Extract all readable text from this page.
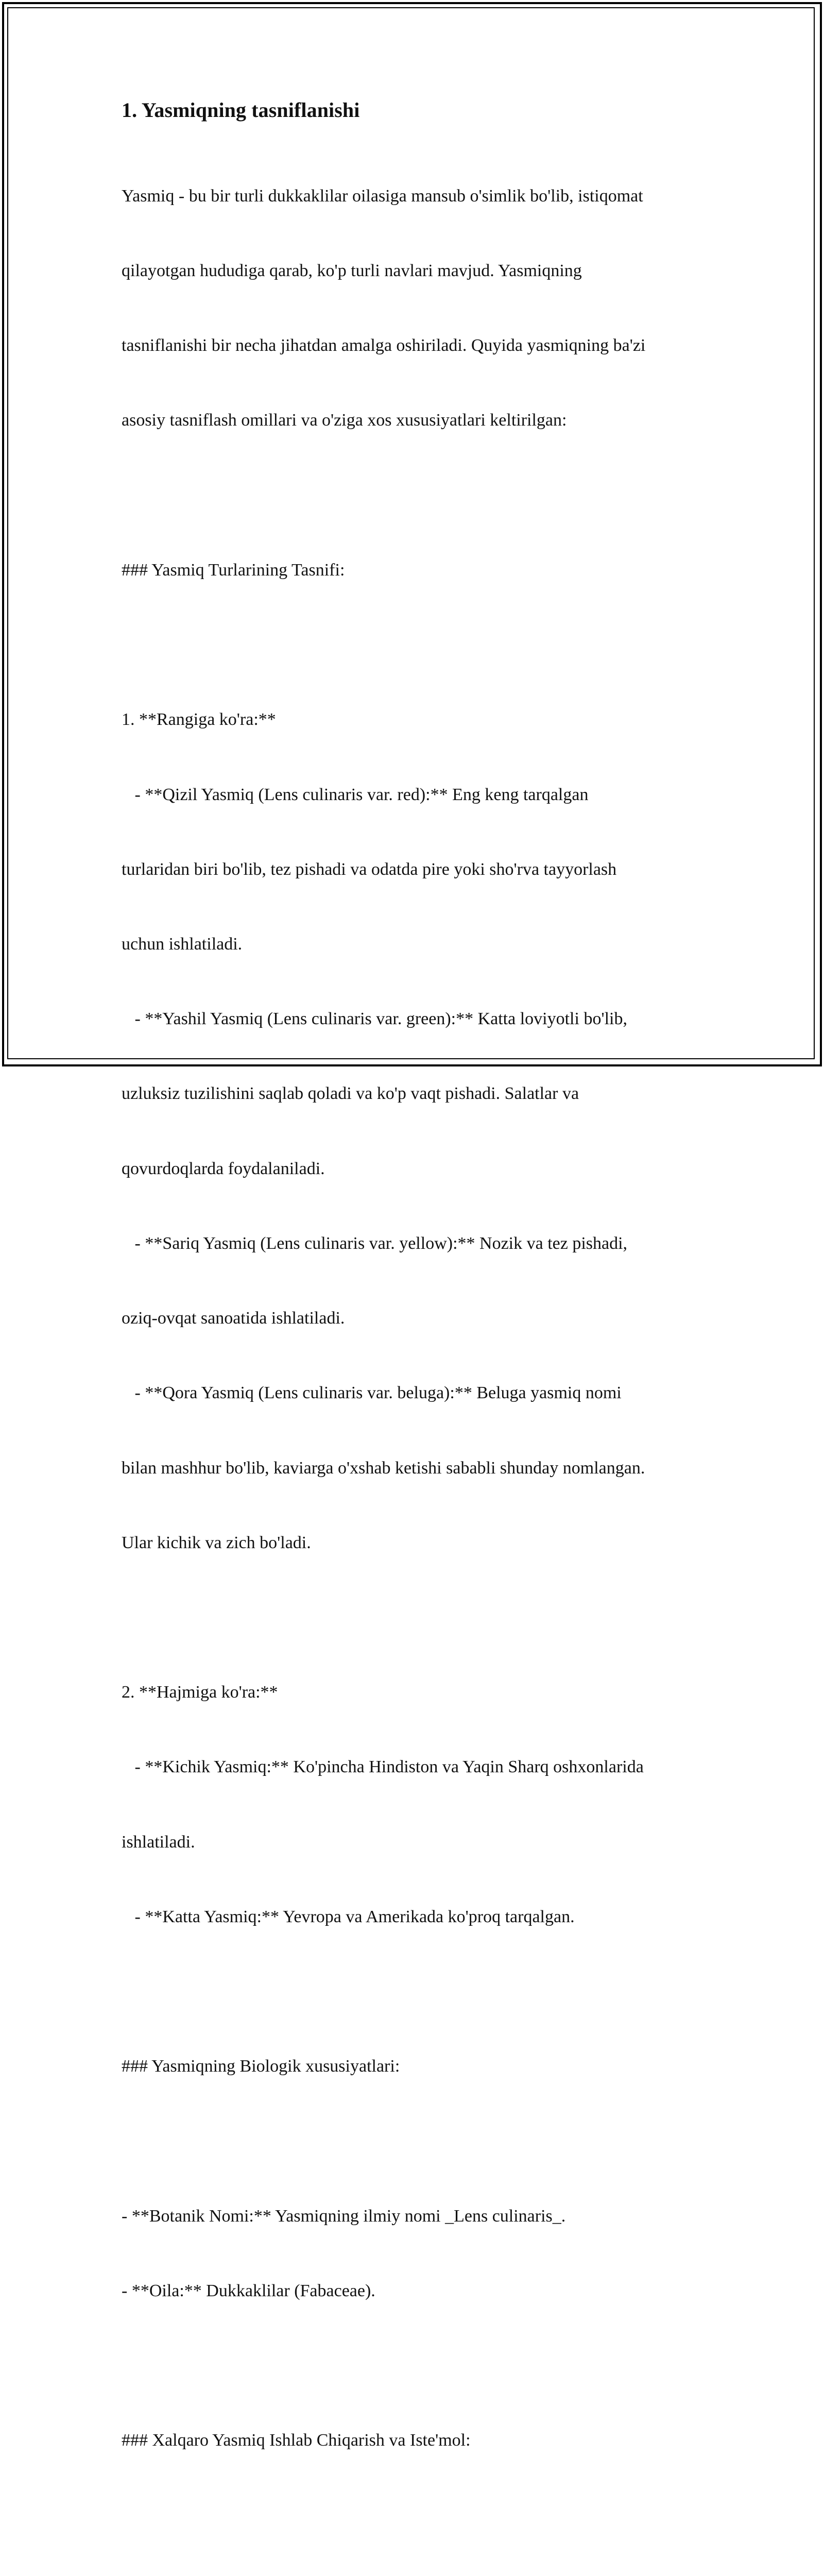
1. Yasmiqning tasniflanishi

Yasmiq - bu bir turli dukkaklilar oilasiga mansub o'simlik bo'lib, istiqomat

qilayotgan hududiga qarab, ko'p turli navlari mavjud. Yasmiqning

tasniflanishi bir necha jihatdan amalga oshiriladi. Quyida yasmiqning ba'zi

asosiy tasniflash omillari va o'ziga xos xususiyatlari keltirilgan:

### Yasmiq Turlarining Tasnifi:

1. **Rangiga ko'ra:**

- **Qizil Yasmiq (Lens culinaris var. red):** Eng keng tarqalgan

turlaridan biri bo'lib, tez pishadi va odatda pire yoki sho'rva tayyorlash

uchun ishlatiladi.

- **Yashil Yasmiq (Lens culinaris var. green):** Katta loviyotli bo'lib,

uzluksiz tuzilishini saqlab qoladi va ko'p vaqt pishadi. Salatlar va

qovurdoqlarda foydalaniladi.

- **Sariq Yasmiq (Lens culinaris var. yellow):** Nozik va tez pishadi,

oziq-ovqat sanoatida ishlatiladi.

- **Qora Yasmiq (Lens culinaris var. beluga):** Beluga yasmiq nomi

bilan mashhur bo'lib, kaviarga o'xshab ketishi sababli shunday nomlangan.

Ular kichik va zich bo'ladi.

2. **Hajmiga ko'ra:**

- **Kichik Yasmiq:** Ko'pincha Hindiston va Yaqin Sharq oshxonlarida

ishlatiladi.

- **Katta Yasmiq:** Yevropa va Amerikada ko'proq tarqalgan.

### Yasmiqning Biologik xususiyatlari:

- **Botanik Nomi:** Yasmiqning ilmiy nomi _Lens culinaris_.

- **Oila:** Dukkaklilar (Fabaceae).

### Xalqaro Yasmiq Ishlab Chiqarish va Iste'mol:
